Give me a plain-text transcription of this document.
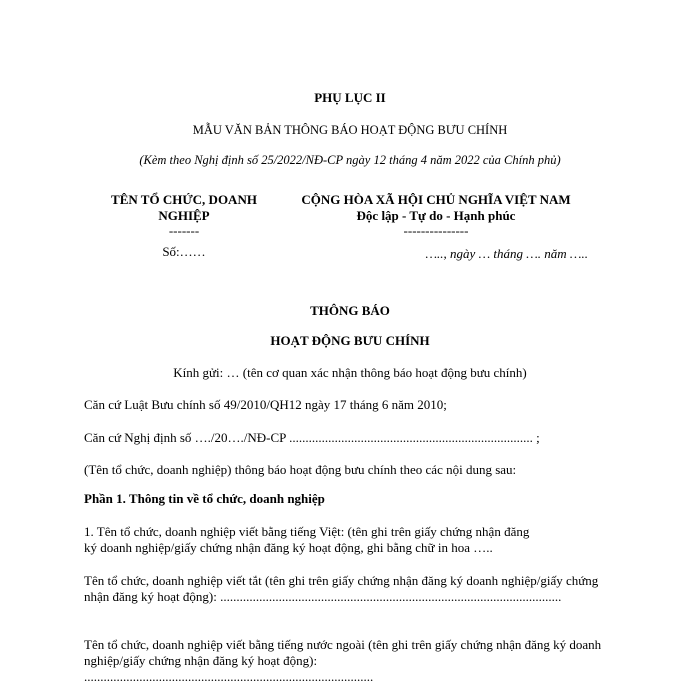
PHỤ LỤC II
MẪU VĂN BẢN THÔNG BÁO HOẠT ĐỘNG BƯU CHÍNH
(Kèm theo Nghị định số 25/2022/NĐ-CP ngày 12 tháng 4 năm 2022 của Chính phủ)
TÊN TỔ CHỨC, DOANH NGHIỆP
-------
Số:……
CỘNG HÒA XÃ HỘI CHỦ NGHĨA VIỆT NAM
Độc lập - Tự do - Hạnh phúc
---------------
….., ngày … tháng …. năm …..
THÔNG BÁO
HOẠT ĐỘNG BƯU CHÍNH
Kính gửi: … (tên cơ quan xác nhận thông báo hoạt động bưu chính)
Căn cứ Luật Bưu chính số 49/2010/QH12 ngày 17 tháng 6 năm 2010;
Căn cứ Nghị định số …./20…./NĐ-CP ........................................................................... ;
(Tên tổ chức, doanh nghiệp) thông báo hoạt động bưu chính theo các nội dung sau:
Phần 1. Thông tin về tổ chức, doanh nghiệp
1. Tên tổ chức, doanh nghiệp viết bằng tiếng Việt: (tên ghi trên giấy chứng nhận đăng ký doanh nghiệp/giấy chứng nhận đăng ký hoạt động, ghi bằng chữ in hoa …..
Tên tổ chức, doanh nghiệp viết tắt (tên ghi trên giấy chứng nhận đăng ký doanh nghiệp/giấy chứng nhận đăng ký hoạt động): .........................................................................................................
Tên tổ chức, doanh nghiệp viết bằng tiếng nước ngoài (tên ghi trên giấy chứng nhận đăng ký doanh nghiệp/giấy chứng nhận đăng ký hoạt động): .........................................................................................
